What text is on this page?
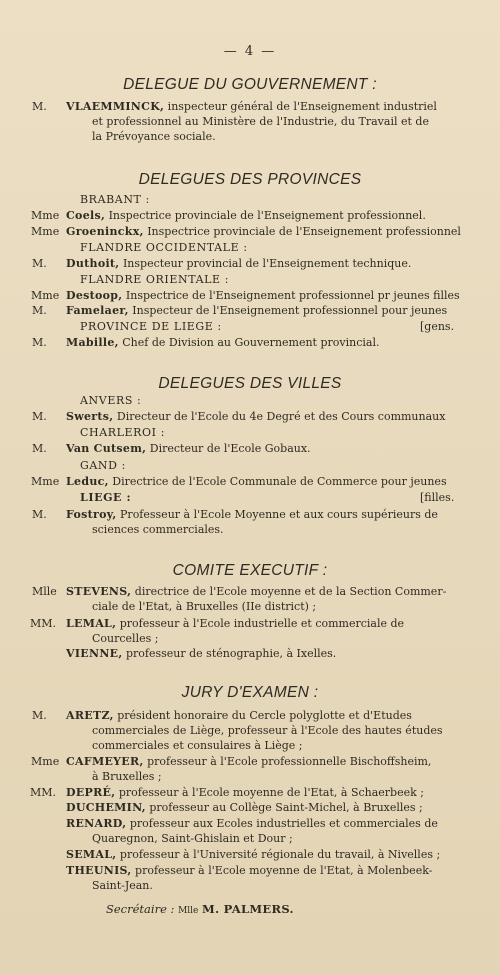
— 4 —
DELEGUE DU GOUVERNEMENT :
M. VLAEMMINCK, inspecteur général de l'Enseignement industriel
et professionnel au Ministère de l'Industrie, du Travail et de
la Prévoyance sociale.
DELEGUES DES PROVINCES
BRABANT :
Mme Coels, Inspectrice provinciale de l'Enseignement professionnel.
Mme Groeninckx, Inspectrice provinciale de l'Enseignement professionnel
FLANDRE OCCIDENTALE :
M. Duthoit, Inspecteur provincial de l'Enseignement technique.
FLANDRE ORIENTALE :
Mme Destoop, Inspectrice de l'Enseignement professionnel pr jeunes filles
M. Famelaer, Inspecteur de l'Enseignement professionnel pour jeunes
PROVINCE DE LIEGE :	[gens.
M. Mabille, Chef de Division au Gouvernement provincial.
DELEGUES DES VILLES
ANVERS :
M. Swerts, Directeur de l'Ecole du 4e Degré et des Cours communaux
CHARLEROI :
M. Van Cutsem, Directeur de l'Ecole Gobaux.
GAND :
Mme Leduc, Directrice de l'Ecole Communale de Commerce pour jeunes
LIEGE :	[filles.
M. Fostroy, Professeur à l'Ecole Moyenne et aux cours supérieurs de
sciences commerciales.
COMITE EXECUTIF :
Mlle STEVENS, directrice de l'Ecole moyenne et de la Section Commer-
ciale de l'Etat, à Bruxelles (IIe district) ;
MM. LEMAL, professeur à l'Ecole industrielle et commerciale de
Courcelles ;
VIENNE, professeur de sténographie, à Ixelles.
JURY D'EXAMEN :
M. ARETZ, président honoraire du Cercle polyglotte et d'Etudes
commerciales de Liège, professeur à l'Ecole des hautes études
commerciales et consulaires à Liège ;
Mme CAFMEYER, professeur à l'Ecole professionnelle Bischoffsheim,
à Bruxelles ;
MM. DEPRÉ, professeur à l'Ecole moyenne de l'Etat, à Schaerbeek ;
DUCHEMIN, professeur au Collège Saint-Michel, à Bruxelles ;
RENARD, professeur aux Ecoles industrielles et commerciales de
Quaregnon, Saint-Ghislain et Dour ;
SEMAL, professeur à l'Université régionale du travail, à Nivelles ;
THEUNIS, professeur à l'Ecole moyenne de l'Etat, à Molenbeek-
Saint-Jean.
Secrétaire : Mlle M. PALMERS.
